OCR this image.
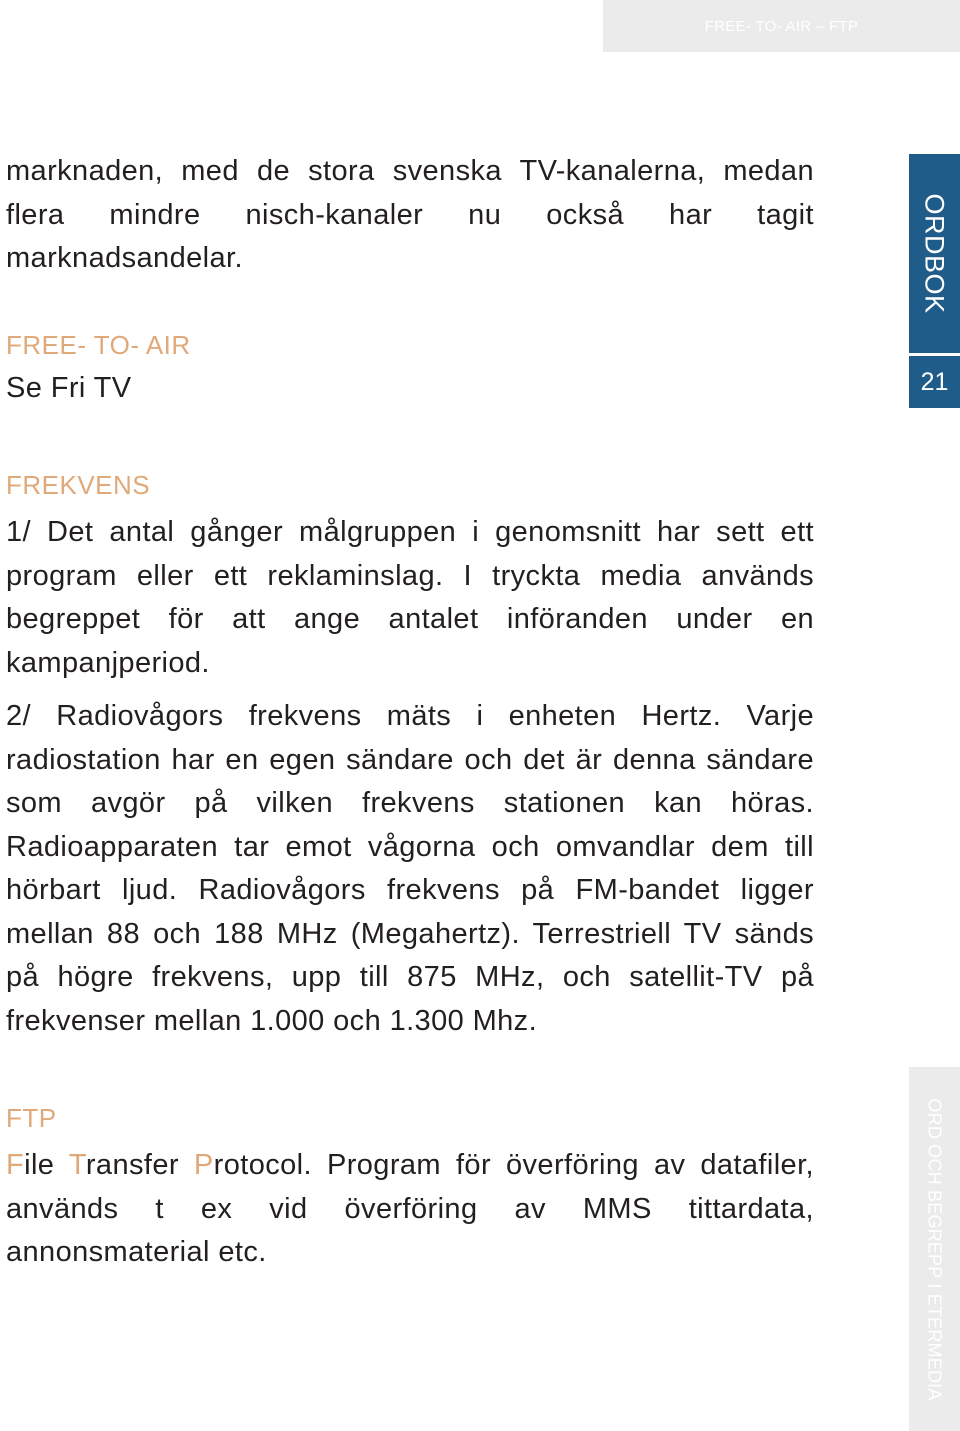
FREE- TO- AIR – FTP

marknaden, med de stora svenska TV-kanalerna, medan flera mindre nisch-kanaler nu också har tagit marknadsandelar.

FREE- TO- AIR

Se Fri TV

FREKVENS

1/ Det antal gånger målgruppen i genomsnitt har sett ett program eller ett reklaminslag. I tryckta media används begreppet för att ange antalet införanden under en kampanjperiod.

2/ Radiovågors frekvens mäts i enheten Hertz. Varje radiostation har en egen sändare och det är denna sändare som avgör på vilken frekvens stationen kan höras. Radioapparaten tar emot vågorna och omvandlar dem till hörbart ljud. Radiovågors frekvens på FM-bandet ligger mellan 88 och 188 MHz (Megahertz). Terrestriell TV sänds på högre frekvens, upp till 875 MHz, och satellit-TV på frekvenser mellan 1.000 och 1.300 Mhz.

FTP

File Transfer Protocol. Program för överföring av datafiler, används t ex vid överföring av MMS tittardata, annonsmaterial etc.

ORDBOK
21
ORD OCH BEGREPP I ETERMEDIA
